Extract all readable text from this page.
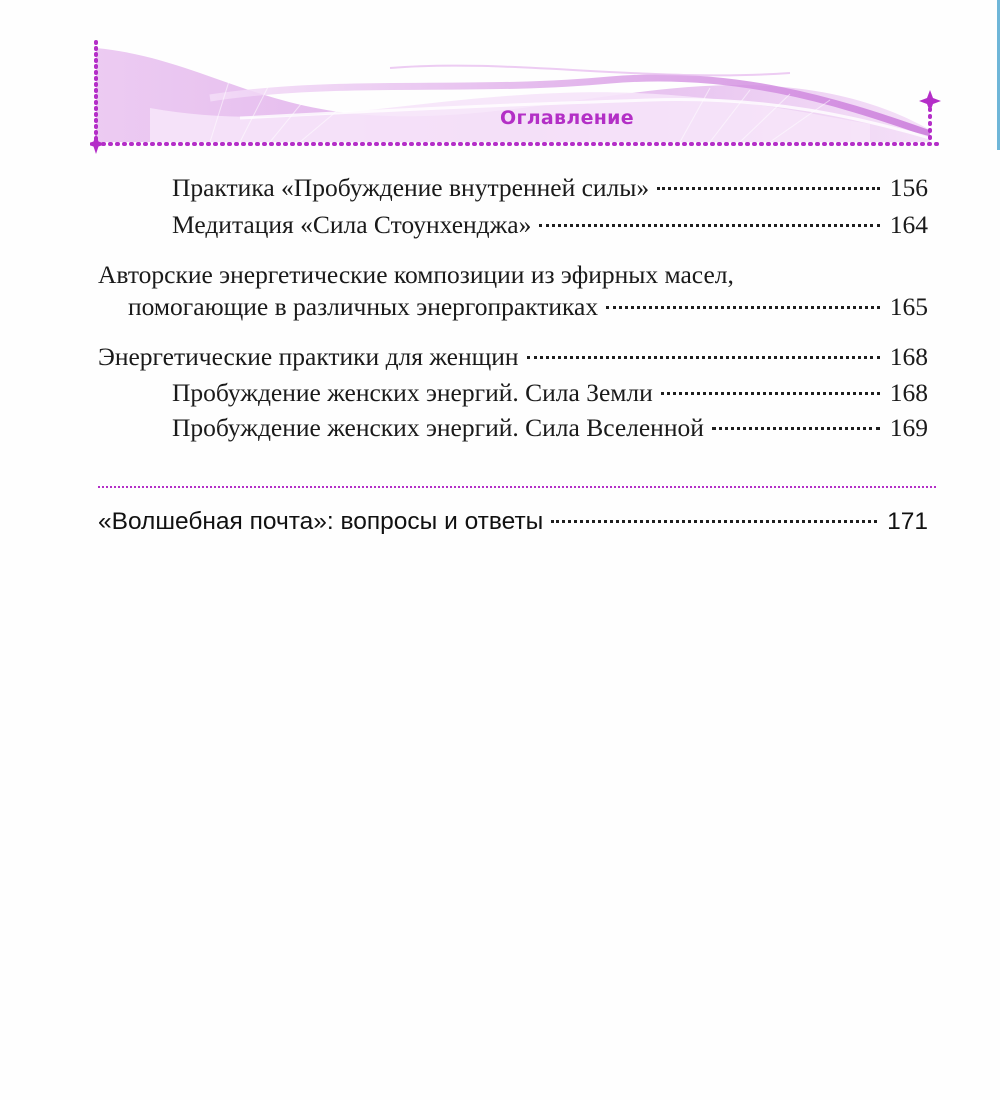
Оглавление
Практика «Пробуждение внутренней силы»	156
Медитация «Сила Стоунхенджа»	164
Авторские энергетические композиции из эфирных масел,
помогающие в различных энергопрактиках	165
Энергетические практики для женщин	168
Пробуждение женских энергий. Сила Земли	168
Пробуждение женских энергий. Сила Вселенной	169
«Волшебная почта»: вопросы и ответы	171
